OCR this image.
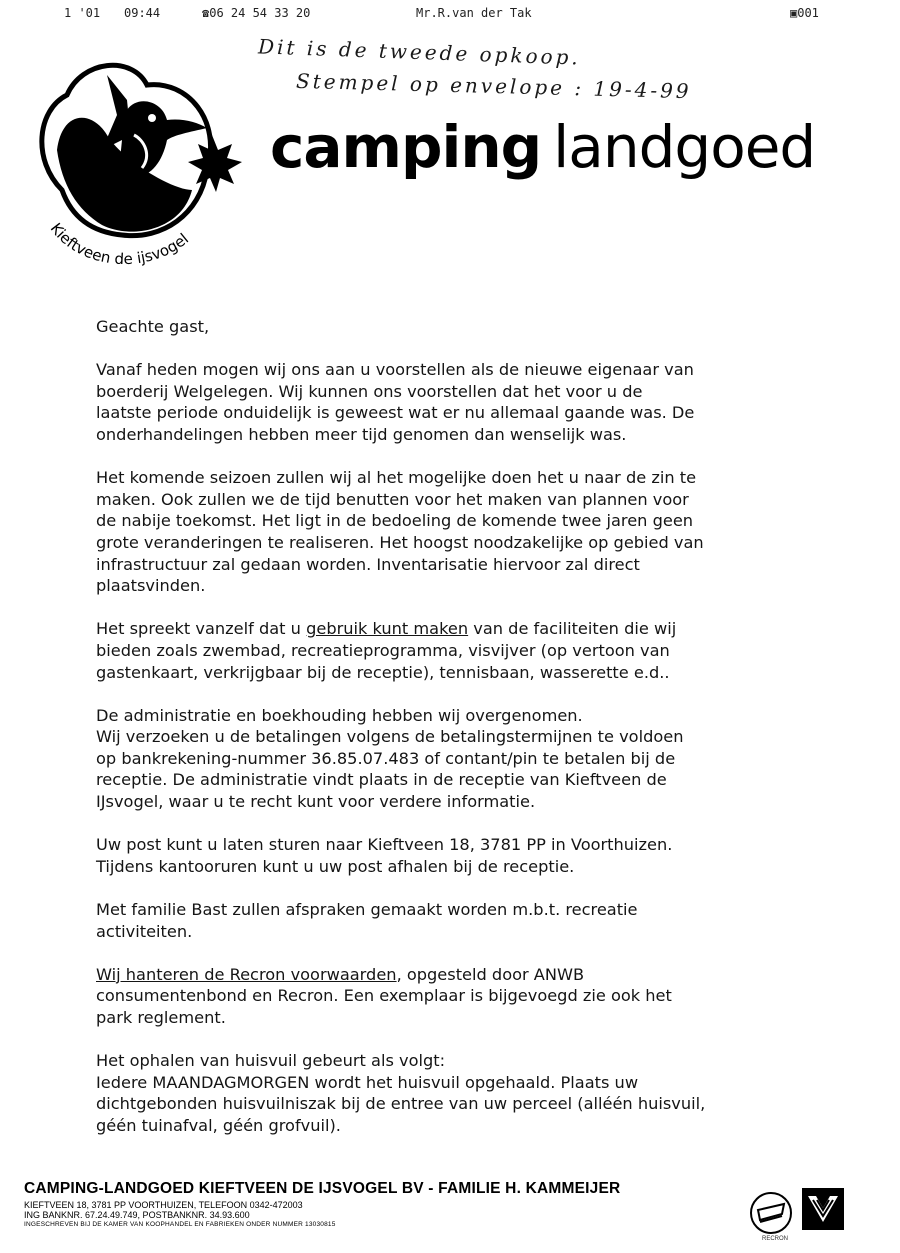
1 '01 09:44	☎06 24 54 33 20	Mr.R.van der Tak	▣001
Dit is de tweede opkoop.
Stempel op envelope : 19-4-99
Kieftveen de ijsvogel
camping landgoed

Geachte gast,

Vanaf heden mogen wij ons aan u voorstellen als de nieuwe eigenaar van
boerderij Welgelegen. Wij kunnen ons voorstellen dat het voor u de
laatste periode onduidelijk is geweest wat er nu allemaal gaande was. De
onderhandelingen hebben meer tijd genomen dan wenselijk was.

Het komende seizoen zullen wij al het mogelijke doen het u naar de zin te
maken. Ook zullen we de tijd benutten voor het maken van plannen voor
de nabije toekomst. Het ligt in de bedoeling de komende twee jaren geen
grote veranderingen te realiseren. Het hoogst noodzakelijke op gebied van
infrastructuur zal gedaan worden. Inventarisatie hiervoor zal direct
plaatsvinden.

Het spreekt vanzelf dat u gebruik kunt maken van de faciliteiten die wij
bieden zoals zwembad, recreatieprogramma, visvijver (op vertoon van
gastenkaart, verkrijgbaar bij de receptie), tennisbaan, wasserette e.d..

De administratie en boekhouding hebben wij overgenomen.
Wij verzoeken u de betalingen volgens de betalingstermijnen te voldoen
op bankrekening-nummer 36.85.07.483 of contant/pin te betalen bij de
receptie. De administratie vindt plaats in de receptie van Kieftveen de
IJsvogel, waar u te recht kunt voor verdere informatie.

Uw post kunt u laten sturen naar Kieftveen 18, 3781 PP in Voorthuizen.
Tijdens kantooruren kunt u uw post afhalen bij de receptie.

Met familie Bast zullen afspraken gemaakt worden m.b.t. recreatie
activiteiten.

Wij hanteren de Recron voorwaarden, opgesteld door ANWB
consumentenbond en Recron. Een exemplaar is bijgevoegd zie ook het
park reglement.

Het ophalen van huisvuil gebeurt als volgt:
Iedere MAANDAGMORGEN wordt het huisvuil opgehaald. Plaats uw
dichtgebonden huisvuilniszak bij de entree van uw perceel (alléén huisvuil,
géén tuinafval, géén grofvuil).

CAMPING-LANDGOED KIEFTVEEN DE IJSVOGEL BV - FAMILIE H. KAMMEIJER
KIEFTVEEN 18, 3781 PP VOORTHUIZEN, TELEFOON 0342-472003
ING BANKNR. 67.24.49.749, POSTBANKNR. 34.93.600
INGESCHREVEN BIJ DE KAMER VAN KOOPHANDEL EN FABRIEKEN ONDER NUMMER 13030815
RECRON
